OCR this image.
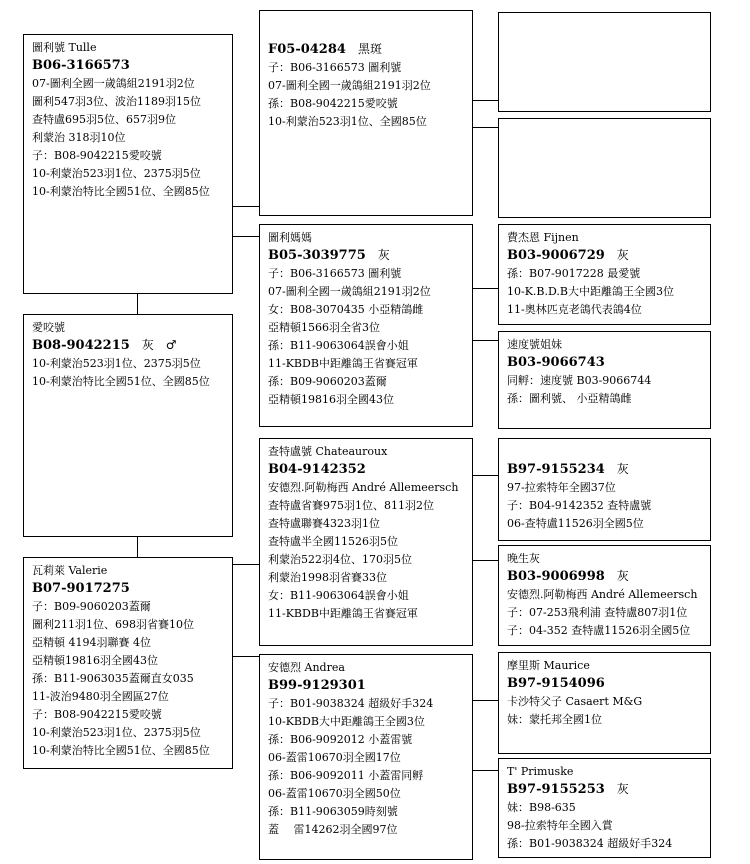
圖利號 Tulle
B06-3166573
07-圖利全國一歲鴿組2191羽2位
圖利547羽3位、波治1189羽15位
查特盧695羽5位、657羽9位
利蒙治 318羽10位
子：B08-9042215愛咬號
10-利蒙治523羽1位、2375羽5位
10-利蒙治特比全國51位、全國85位
愛咬號
B08-9042215　灰　♂
10-利蒙治523羽1位、2375羽5位
10-利蒙治特比全國51位、全國85位
瓦莉萊 Valerie
B07-9017275
子：B09-9060203蓋爾
圖利211羽1位、698羽省賽10位
亞精頓 4194羽聯賽 4位
亞精頓19816羽全國43位
孫：B11-9063035蓋爾直女035
11-波治9480羽全國區27位
子：B08-9042215愛咬號
10-利蒙治523羽1位、2375羽5位
10-利蒙治特比全國51位、全國85位
F05-04284　黑斑
子：B06-3166573 圖利號
07-圖利全國一歲鴿組2191羽2位
孫：B08-9042215愛咬號
10-利蒙治523羽1位、全國85位
圖利媽媽
B05-3039775　灰
子：B06-3166573 圖利號
07-圖利全國一歲鴿組2191羽2位
女：B08-3070435 小亞精鴿雌
亞精頓1566羽全省3位
孫：B11-9063064誤會小姐
11-KBDB中距離鴿王省賽冠軍
孫：B09-9060203蓋爾
亞精頓19816羽全國43位
查特盧號 Chateauroux
B04-9142352
安德烈.阿勒梅西 André Allemeersch
查特盧省賽975羽1位、811羽2位
查特盧聯賽4323羽1位
查特盧半全國11526羽5位
利蒙治522羽4位、170羽5位
利蒙治1998羽省賽33位
女：B11-9063064誤會小姐
11-KBDB中距離鴿王省賽冠軍
安德烈 Andrea
B99-9129301
子：B01-9038324 超級好手324
10-KBDB大中距離鴿王全國3位
孫：B06-9092012 小蓋雷號
06-蓋雷10670羽全國17位
孫：B06-9092011 小蓋雷同孵
06-蓋雷10670羽全國50位
孫：B11-9063059時刻號
蓋　 雷14262羽全國97位
費杰恩 Fijnen
B03-9006729　灰
孫：B07-9017228 最愛號
10-K.B.D.B大中距離鴿王全國3位
11-奧林匹克老鴿代表鴿4位
速度號姐妹
B03-9066743
同孵：速度號 B03-9066744
孫：圖利號、 小亞精鴿雌
B97-9155234　灰
97-拉索特年全國37位
子：B04-9142352 查特盧號
06-查特盧11526羽全國5位
晚生灰
B03-9006998　灰
安德烈.阿勒梅西 André Allemeersch
子：07-253飛利浦 查特盧807羽1位
子：04-352 查特盧11526羽全國5位
摩里斯 Maurice
B97-9154096
卡沙特父子 Casaert M&G
妹：蒙托邦全國1位
T' Primuske
B97-9155253　灰
妹：B98-635
98-拉索特年全國入賞
孫：B01-9038324 超級好手324
